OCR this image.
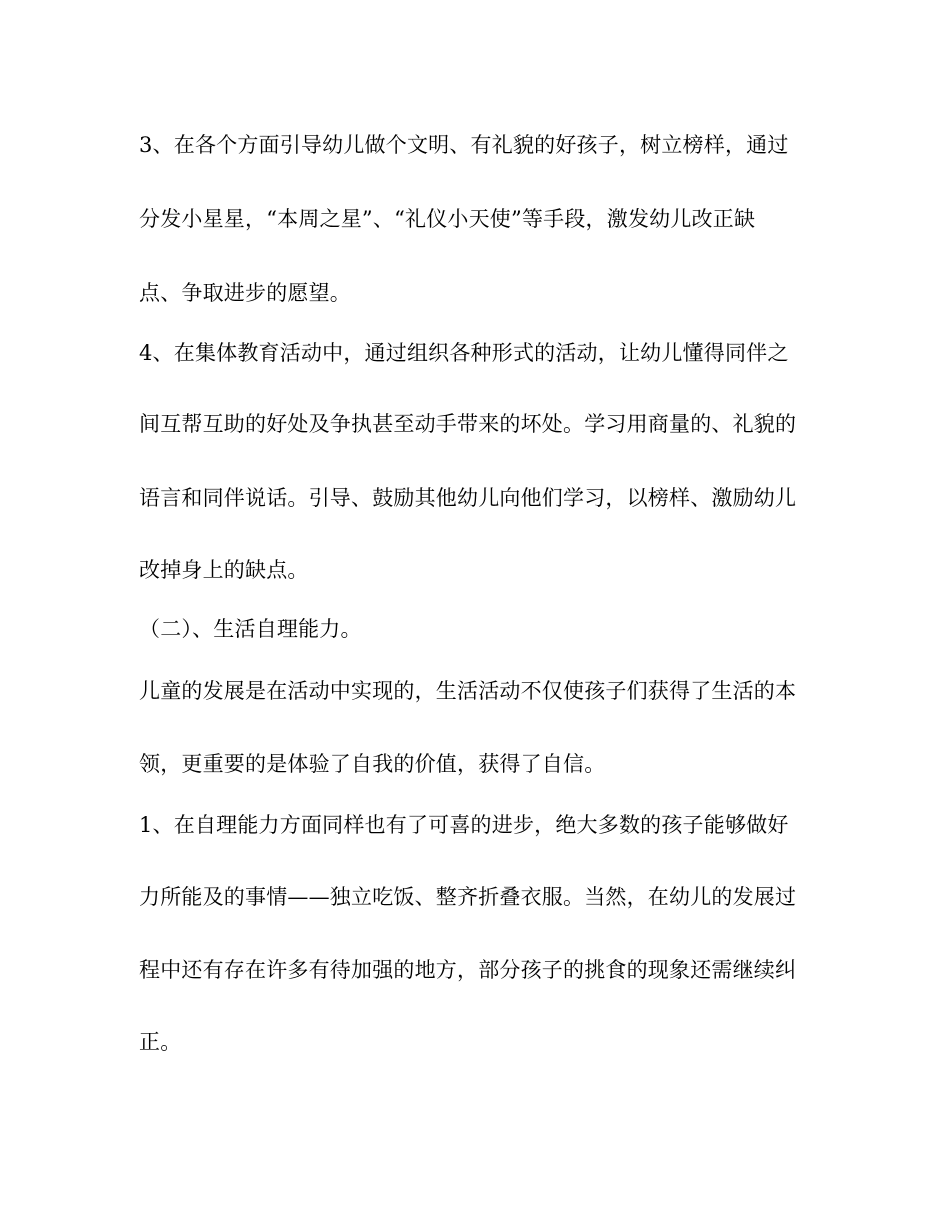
3、在各个方面引导幼儿做个文明、有礼貌的好孩子，树立榜样，通过
分发小星星，“本周之星”、“礼仪小天使”等手段，激发幼儿改正缺
点、争取进步的愿望。
4、在集体教育活动中，通过组织各种形式的活动，让幼儿懂得同伴之
间互帮互助的好处及争执甚至动手带来的坏处。学习用商量的、礼貌的
语言和同伴说话。引导、鼓励其他幼儿向他们学习，以榜样、激励幼儿
改掉身上的缺点。
（二）、生活自理能力。
儿童的发展是在活动中实现的，生活活动不仅使孩子们获得了生活的本
领，更重要的是体验了自我的价值，获得了自信。
1、在自理能力方面同样也有了可喜的进步，绝大多数的孩子能够做好
力所能及的事情——独立吃饭、整齐折叠衣服。当然，在幼儿的发展过
程中还有存在许多有待加强的地方，部分孩子的挑食的现象还需继续纠
正。
